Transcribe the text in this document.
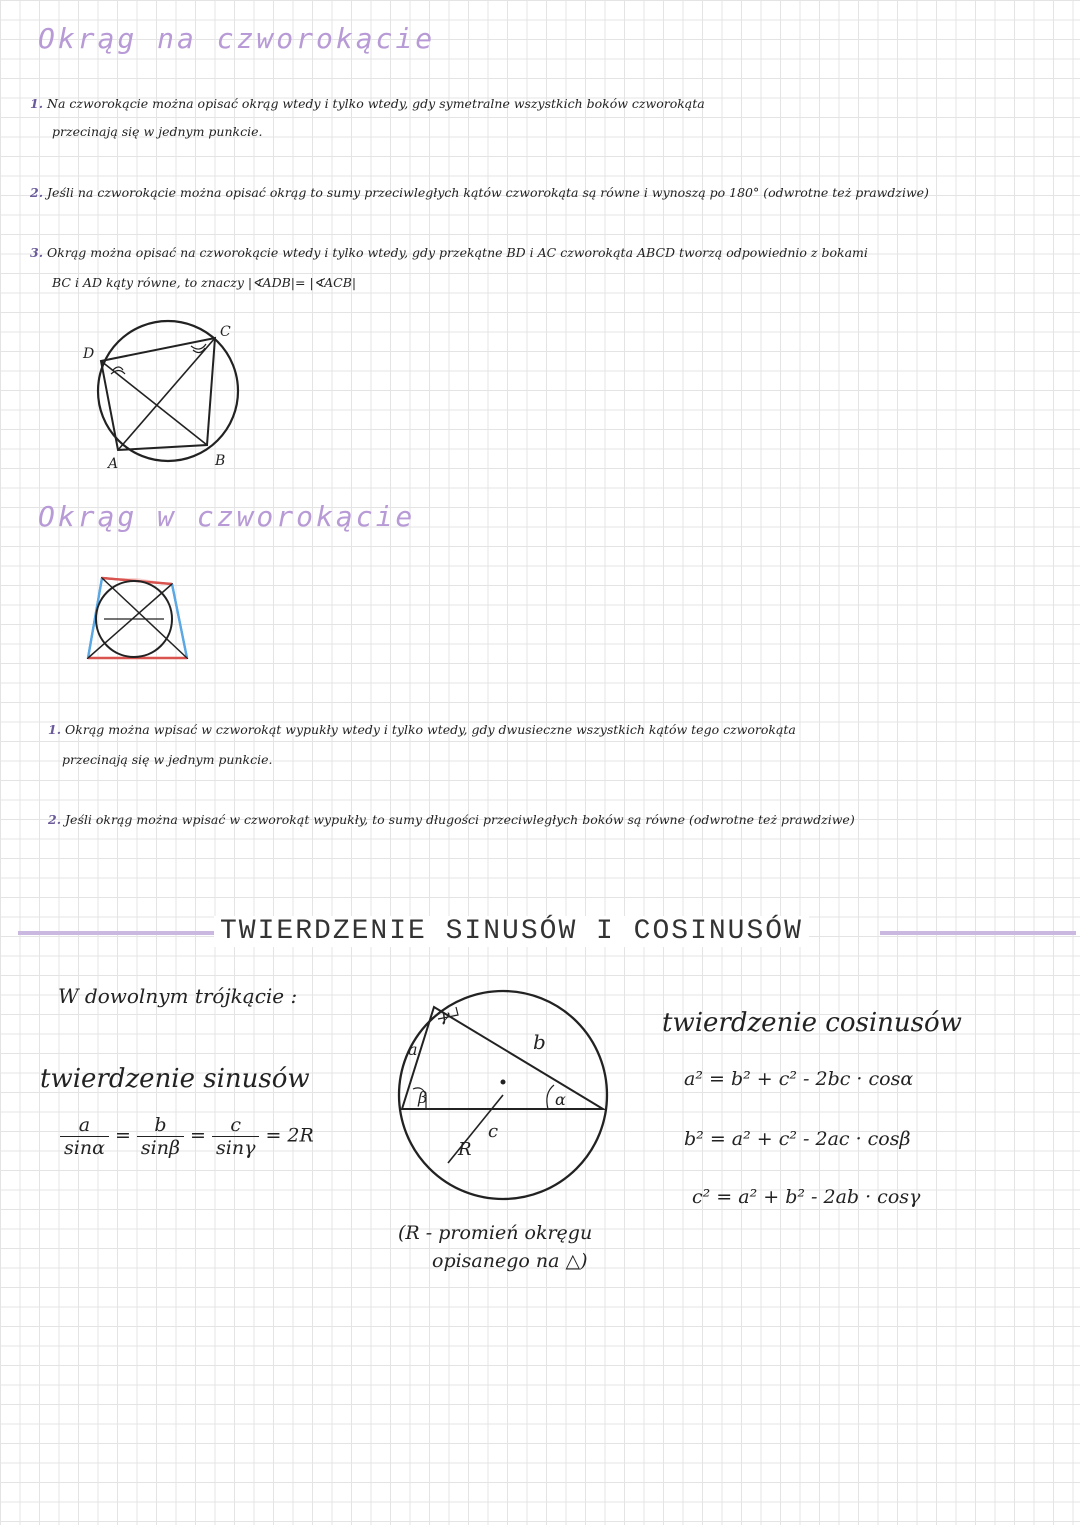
Okrąg na czworokącie
1. Na czworokącie można opisać okrąg wtedy i tylko wtedy, gdy symetralne wszystkich boków czworokąta
przecinają się w jednym punkcie.
2. Jeśli na czworokącie można opisać okrąg to sumy przeciwległych kątów czworokąta są równe i wynoszą po 180° (odwrotne też prawdziwe)
3. Okrąg można opisać na czworokącie wtedy i tylko wtedy, gdy przekątne BD i AC czworokąta ABCD tworzą odpowiednio z bokami
BC i AD kąty równe, to znaczy |∢ADB|= |∢ACB|
D
C
A	B
Okrąg w czworokącie
1. Okrąg można wpisać w czworokąt wypukły wtedy i tylko wtedy, gdy dwusieczne wszystkich kątów tego czworokąta
przecinają się w jednym punkcie.
2. Jeśli okrąg można wpisać w czworokąt wypukły, to sumy długości przeciwległych boków są równe (odwrotne też prawdziwe)
TWIERDZENIE SINUSÓW I COSINUSÓW
W dowolnym trójkącie :
twierdzenie sinusów
$\frac{a}{\sin\alpha} = \frac{b}{\sin\beta} = \frac{c}{\sin\gamma} = 2R$
γ
a
β
b
α
c
R
(R - promień okręgu
opisanego na △)
twierdzenie cosinusów
a² = b² + c² - 2bc · cosα
b² = a² + c² - 2ac · cosβ
c² = a² + b² - 2ab · cosγ
